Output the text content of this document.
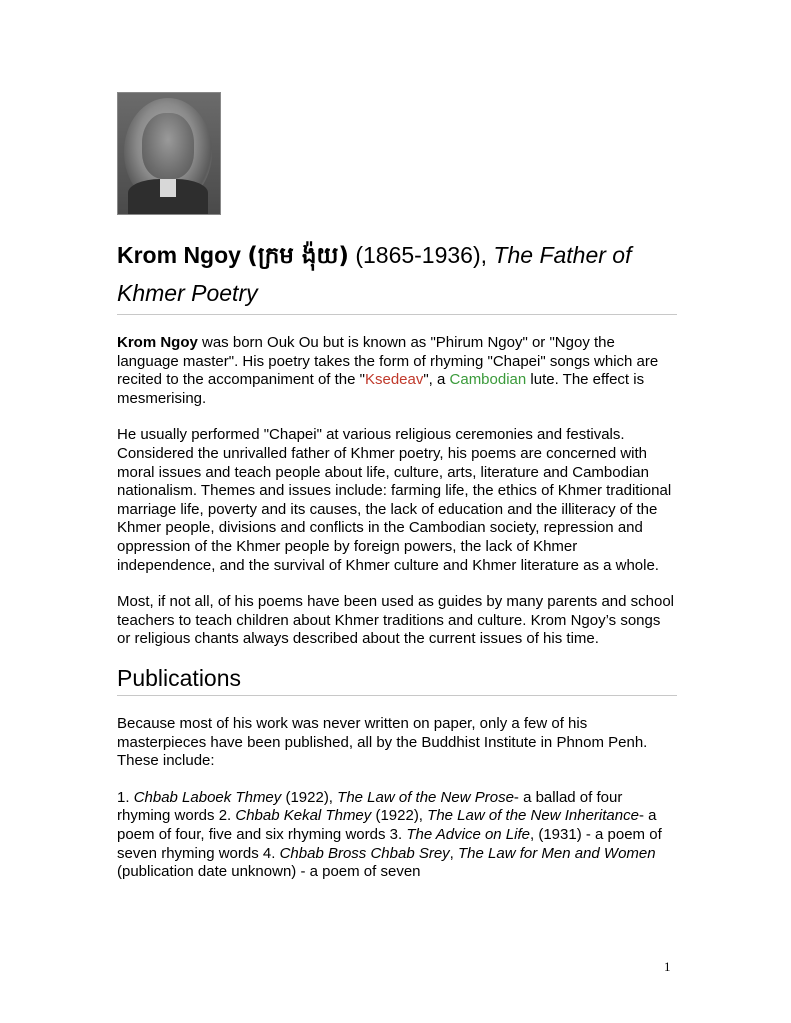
Krom Ngoy (ក្រម ង៉ុយ) (1865-1936), The Father of Khmer Poetry

Krom Ngoy was born Ouk Ou but is known as "Phirum Ngoy" or "Ngoy the language master". His poetry takes the form of rhyming "Chapei" songs which are recited to the accompaniment of the "Ksedeav", a Cambodian lute. The effect is mesmerising.

He usually performed "Chapei" at various religious ceremonies and festivals. Considered the unrivalled father of Khmer poetry, his poems are concerned with moral issues and teach people about life, culture, arts, literature and Cambodian nationalism. Themes and issues include: farming life, the ethics of Khmer traditional marriage life, poverty and its causes, the lack of education and the illiteracy of the Khmer people, divisions and conflicts in the Cambodian society, repression and oppression of the Khmer people by foreign powers, the lack of Khmer independence, and the survival of Khmer culture and Khmer literature as a whole.

Most, if not all, of his poems have been used as guides by many parents and school teachers to teach children about Khmer traditions and culture. Krom Ngoy’s songs or religious chants always described about the current issues of his time.

Publications

Because most of his work was never written on paper, only a few of his masterpieces have been published, all by the Buddhist Institute in Phnom Penh. These include:

1. Chbab Laboek Thmey (1922), The Law of the New Prose- a ballad of four rhyming words 2. Chbab Kekal Thmey (1922), The Law of the New Inheritance- a poem of four, five and six rhyming words 3. The Advice on Life, (1931) - a poem of seven rhyming words 4. Chbab Bross Chbab Srey, The Law for Men and Women (publication date unknown) - a poem of seven

1
